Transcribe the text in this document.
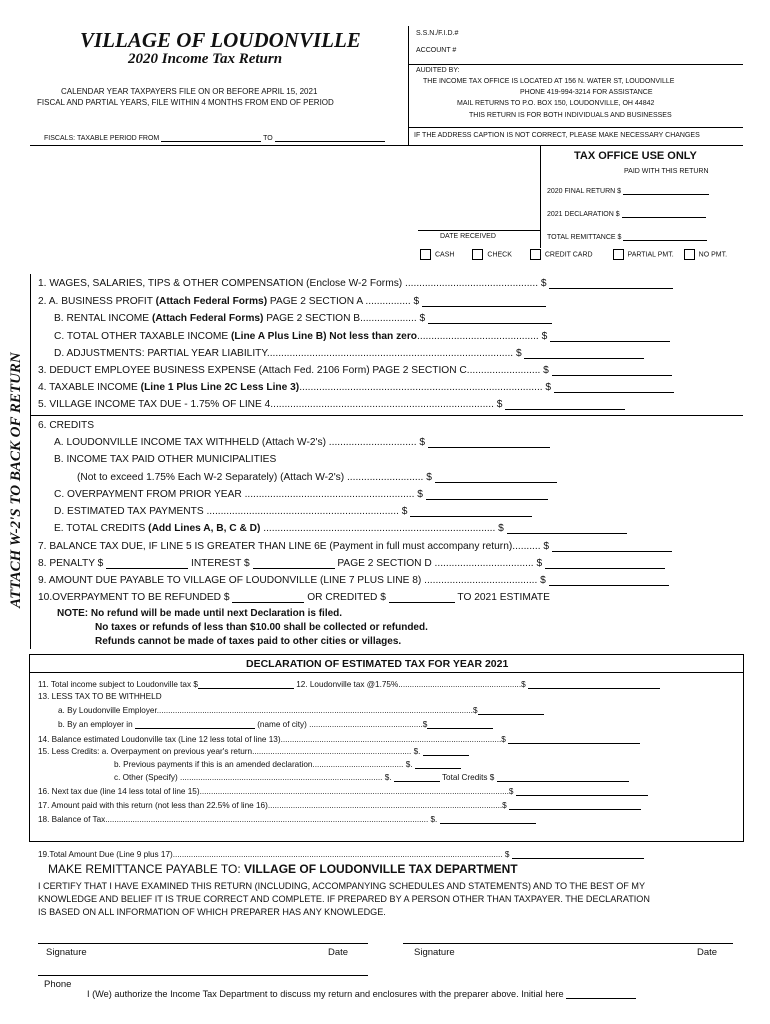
VILLAGE OF LOUDONVILLE
2020 Income Tax Return
CALENDAR YEAR TAXPAYERS FILE ON OR BEFORE APRIL 15, 2021
FISCAL AND PARTIAL YEARS, FILE WITHIN 4 MONTHS FROM END OF PERIOD
FISCALS: TAXABLE PERIOD FROM	TO
S.S.N./F.I.D.#
ACCOUNT #
AUDITED BY:
THE INCOME TAX OFFICE IS LOCATED AT 156 N. WATER ST, LOUDONVILLE
PHONE 419-994-3214 FOR ASSISTANCE
MAIL RETURNS TO P.O. BOX 150, LOUDONVILLE, OH 44842
THIS RETURN IS FOR BOTH INDIVIDUALS AND BUSINESSES
IF THE ADDRESS CAPTION IS NOT CORRECT, PLEASE MAKE NECESSARY CHANGES
TAX OFFICE USE ONLY
PAID WITH THIS RETURN
2020 FINAL RETURN $
2021 DECLARATION $
DATE RECEIVED	TOTAL REMITTANCE $
CASH	CHECK	CREDIT CARD	PARTIAL PMT.	NO PMT.
ATTACH W-2'S TO BACK OF RETURN
1. WAGES, SALARIES, TIPS & OTHER COMPENSATION (Enclose W-2 Forms) ............................................... $
2. A. BUSINESS PROFIT (Attach Federal Forms) PAGE 2 SECTION A ................ $
B. RENTAL INCOME (Attach Federal Forms) PAGE 2 SECTION B.................... $
C. TOTAL OTHER TAXABLE INCOME (Line A Plus Line B) Not less than zero........................................... $
D. ADJUSTMENTS: PARTIAL YEAR LIABILITY....................................................................................... $
3. DEDUCT EMPLOYEE BUSINESS EXPENSE (Attach Fed. 2106 Form) PAGE 2 SECTION C.......................... $
4. TAXABLE INCOME (Line 1 Plus Line 2C Less Line 3)...................................................................................... $
5. VILLAGE INCOME TAX DUE - 1.75% OF LINE 4............................................................................... $
6. CREDITS
A. LOUDONVILLE INCOME TAX WITHHELD (Attach W-2's) ............................... $
B. INCOME TAX PAID OTHER MUNICIPALITIES
(Not to exceed 1.75% Each W-2 Separately) (Attach W-2's) ........................... $
C. OVERPAYMENT FROM PRIOR YEAR ............................................................ $
D. ESTIMATED TAX PAYMENTS .................................................................... $
E. TOTAL CREDITS (Add Lines A, B, C & D) .................................................................................. $
7. BALANCE TAX DUE, IF LINE 5 IS GREATER THAN LINE 6E (Payment in full must accompany return).......... $
8. PENALTY $	INTEREST $	PAGE 2 SECTION D ................................... $
9. AMOUNT DUE PAYABLE TO VILLAGE OF LOUDONVILLE (LINE 7 PLUS LINE 8) ........................................ $
10.OVERPAYMENT TO BE REFUNDED $	OR CREDITED $	TO 2021 ESTIMATE
NOTE: No refund will be made until next Declaration is filed.
No taxes or refunds of less than $10.00 shall be collected or refunded.
Refunds cannot be made of taxes paid to other cities or villages.
DECLARATION OF ESTIMATED TAX FOR YEAR 2021
11. Total income subject to Loudonville tax $	12. Loudonville tax @1.75%......................................................$
13. LESS TAX TO BE WITHHELD
a. By Loudonville Employer...........................................................................................................................................$
b. By an employer in	(name of city) ..................................................$
14. Balance estimated Loudonville tax (Line 12 less total of line 13).................................................................................................$
15. Less Credits: a. Overpayment on previous year's return...................................................................... $.
b. Previous payments if this is an amended declaration........................................ $.
c. Other (Specify) ......................................................................................... $.	Total Credits $
16. Next tax due (line 14 less total of line 15)........................................................................................................................................$
17. Amount paid with this return (not less than 22.5% of line 16).......................................................................................................$
18. Balance of Tax.............................................................................................................................................. $.
19.Total Amount Due (Line 9 plus 17)................................................................................................................................................. $
MAKE REMITTANCE PAYABLE TO: VILLAGE OF LOUDONVILLE TAX DEPARTMENT
I CERTIFY THAT I HAVE EXAMINED THIS RETURN (INCLUDING, ACCOMPANYING SCHEDULES AND STATEMENTS) AND TO THE BEST OF MY
KNOWLEDGE AND BELIEF IT IS TRUE CORRECT AND COMPLETE. IF PREPARED BY A PERSON OTHER THAN TAXPAYER. THE DECLARATION
IS BASED ON ALL INFORMATION OF WHICH PREPARER HAS ANY KNOWLEDGE.
Signature	Date	Signature	Date
Phone
I (We) authorize the Income Tax Department to discuss my return and enclosures with the preparer above. Initial here
